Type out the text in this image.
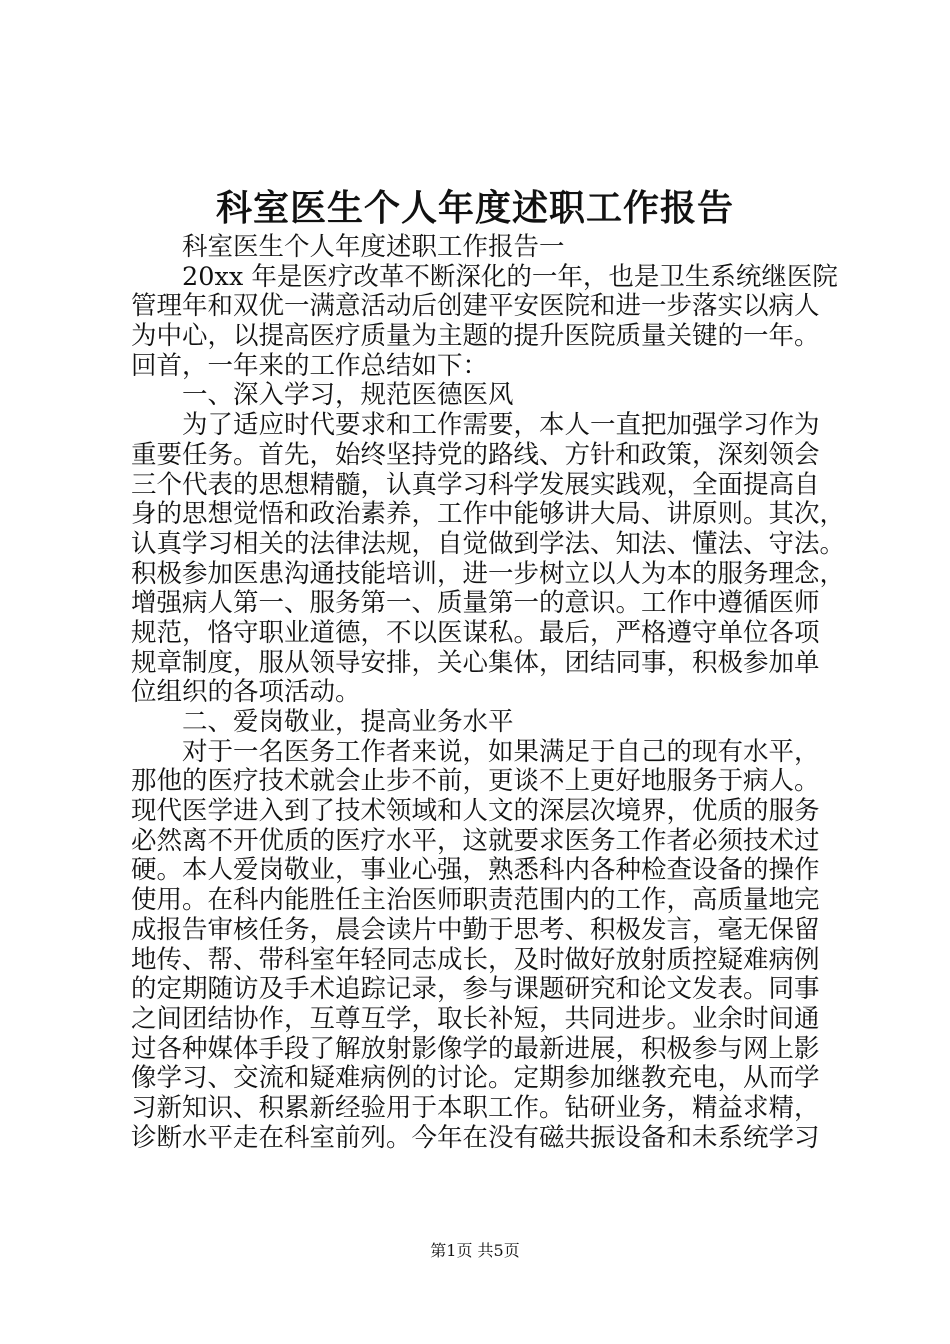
科室医生个人年度述职工作报告
科室医生个人年度述职工作报告一
20xx 年是医疗改革不断深化的一年，也是卫生系统继医院
管理年和双优一满意活动后创建平安医院和进一步落实以病人
为中心，以提高医疗质量为主题的提升医院质量关键的一年。
回首，一年来的工作总结如下：
一、深入学习，规范医德医风
为了适应时代要求和工作需要，本人一直把加强学习作为
重要任务。首先，始终坚持党的路线、方针和政策，深刻领会
三个代表的思想精髓，认真学习科学发展实践观，全面提高自
身的思想觉悟和政治素养，工作中能够讲大局、讲原则。其次，
认真学习相关的法律法规，自觉做到学法、知法、懂法、守法。
积极参加医患沟通技能培训，进一步树立以人为本的服务理念，
增强病人第一、服务第一、质量第一的意识。工作中遵循医师
规范，恪守职业道德，不以医谋私。最后，严格遵守单位各项
规章制度，服从领导安排，关心集体，团结同事，积极参加单
位组织的各项活动。
二、爱岗敬业，提高业务水平
对于一名医务工作者来说，如果满足于自己的现有水平，
那他的医疗技术就会止步不前，更谈不上更好地服务于病人。
现代医学进入到了技术领域和人文的深层次境界，优质的服务
必然离不开优质的医疗水平，这就要求医务工作者必须技术过
硬。本人爱岗敬业，事业心强，熟悉科内各种检查设备的操作
使用。在科内能胜任主治医师职责范围内的工作，高质量地完
成报告审核任务，晨会读片中勤于思考、积极发言，毫无保留
地传、帮、带科室年轻同志成长，及时做好放射质控疑难病例
的定期随访及手术追踪记录，参与课题研究和论文发表。同事
之间团结协作，互尊互学，取长补短，共同进步。业余时间通
过各种媒体手段了解放射影像学的最新进展，积极参与网上影
像学习、交流和疑难病例的讨论。定期参加继教充电，从而学
习新知识、积累新经验用于本职工作。钻研业务，精益求精，
诊断水平走在科室前列。今年在没有磁共振设备和未系统学习
第1页 共5页
